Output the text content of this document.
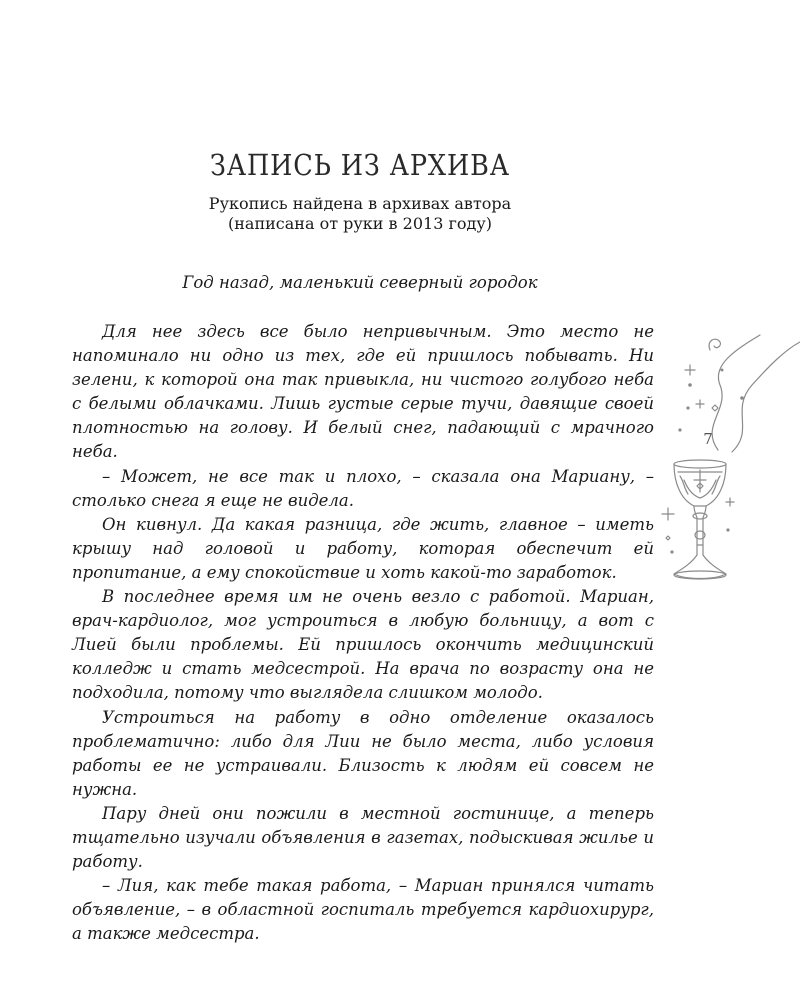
ЗАПИСЬ ИЗ АРХИВА
Рукопись найдена в архивах автора
(написана от руки в 2013 году)
Год назад, маленький северный городок

Для нее здесь все было непривычным. Это место не напоминало ни одно из тех, где ей пришлось побывать. Ни зелени, к которой она так привыкла, ни чистого голубого неба с белыми облачками. Лишь густые серые тучи, давящие своей плотностью на голову. И белый снег, падающий с мрачного неба.

– Может, не все так и плохо, – сказала она Мариану, – столько снега я еще не видела.

Он кивнул. Да какая разница, где жить, главное – иметь крышу над головой и работу, которая обеспечит ей пропитание, а ему спокойствие и хоть какой-то заработок.

В последнее время им не очень везло с работой. Мариан, врач-кардиолог, мог устроиться в любую больницу, а вот с Лией были проблемы. Ей пришлось окончить медицинский колледж и стать медсестрой. На врача по возрасту она не подходила, потому что выглядела слишком молодо.

Устроиться на работу в одно отделение оказалось проблематично: либо для Лии не было места, либо условия работы ее не устраивали. Близость к людям ей совсем не нужна.

Пару дней они пожили в местной гостинице, а теперь тщательно изучали объявления в газетах, подыскивая жилье и работу.

– Лия, как тебе такая работа, – Мариан принялся читать объявление, – в областной госпиталь требуется кардиохирург, а также медсестра.

7
